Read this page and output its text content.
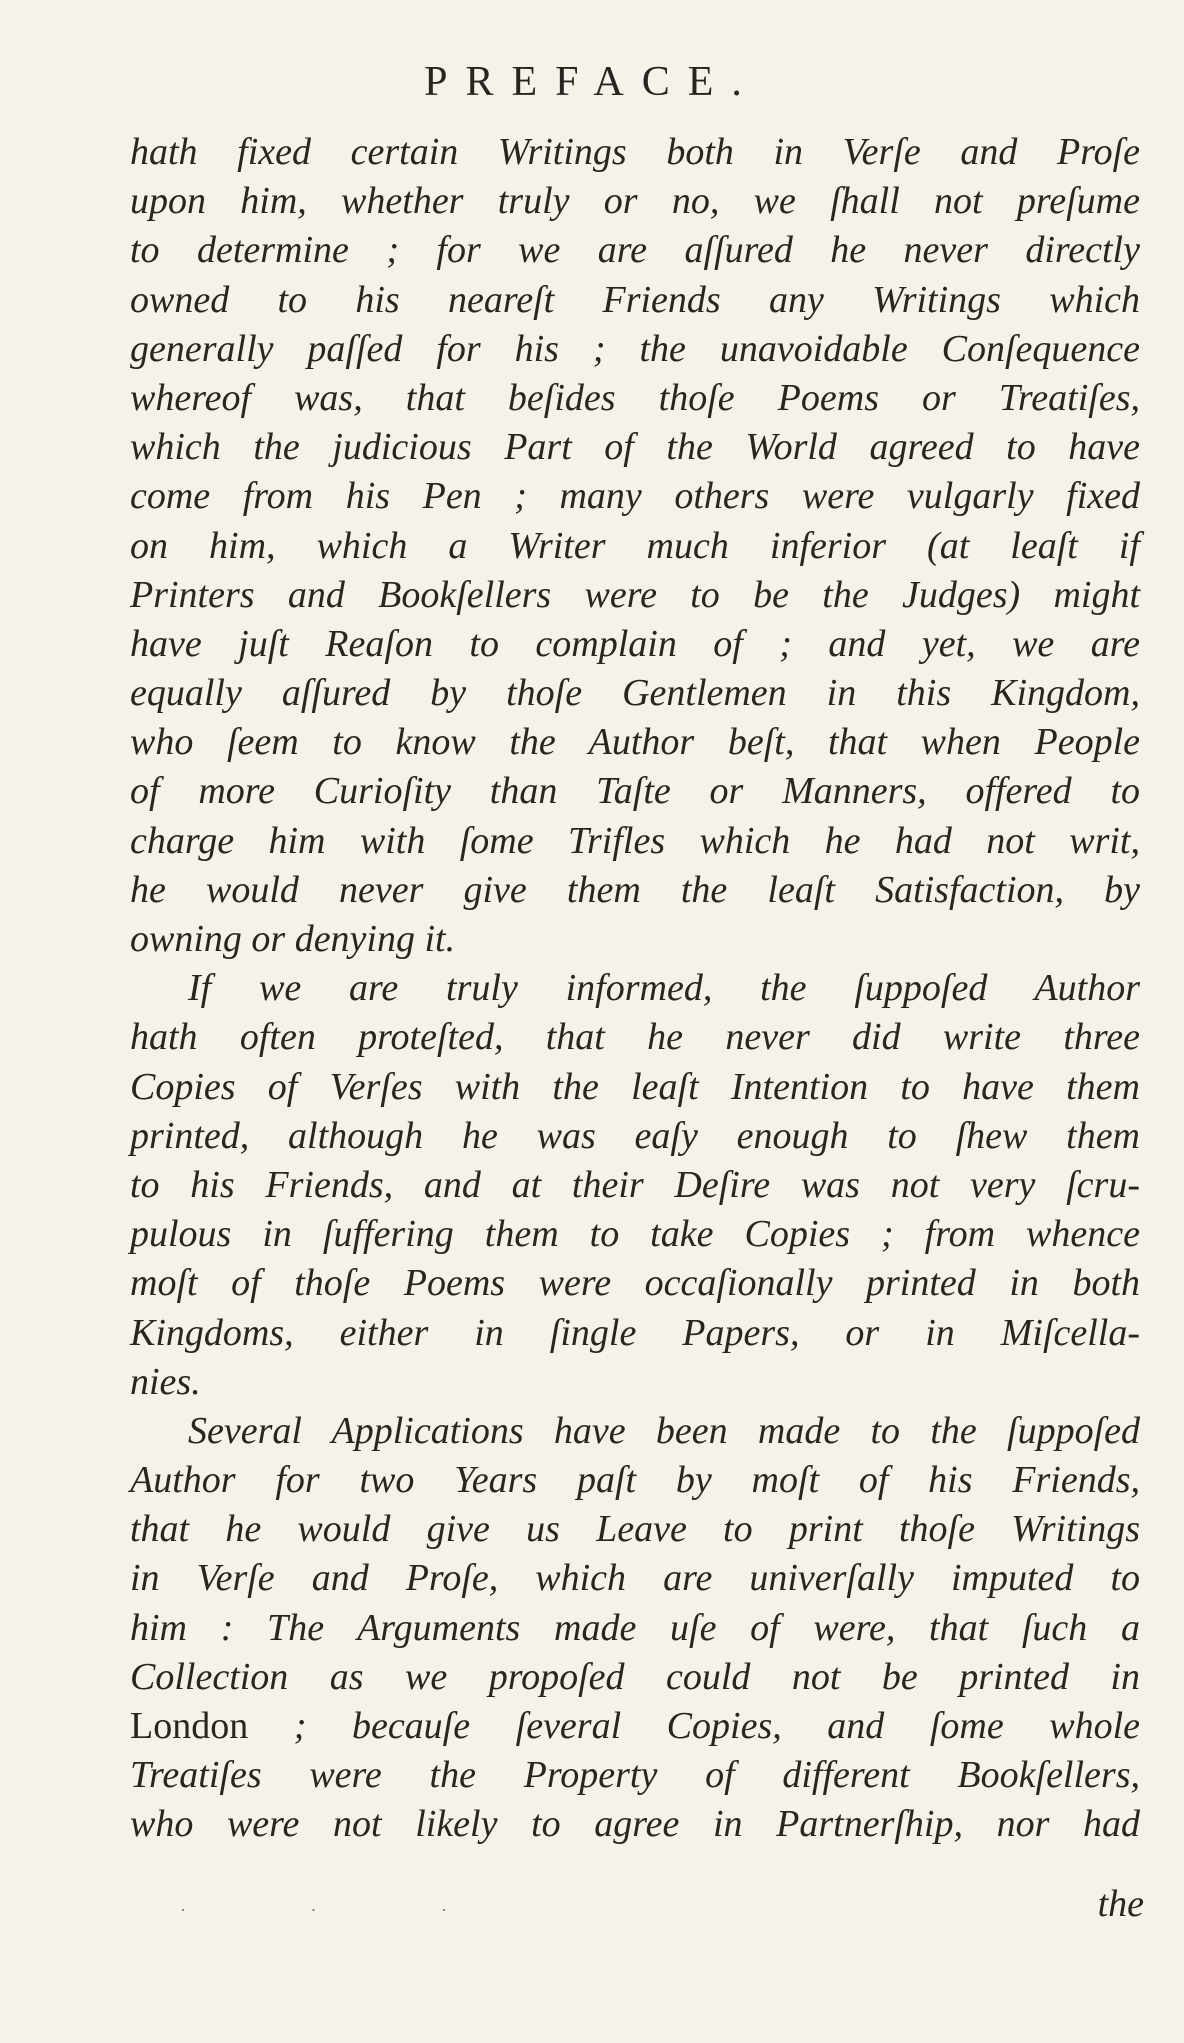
PREFACE.
hath fixed certain Writings both in Verſe and Proſe
upon him, whether truly or no, we ſhall not preſume
to determine ; for we are aſſured he never directly
owned to his neareſt Friends any Writings which
generally paſſed for his ; the unavoidable Conſequence
whereof was, that beſides thoſe Poems or Treatiſes,
which the judicious Part of the World agreed to have
come from his Pen ; many others were vulgarly fixed
on him, which a Writer much inferior (at leaſt if
Printers and Bookſellers were to be the Judges) might
have juſt Reaſon to complain of ; and yet, we are
equally aſſured by thoſe Gentlemen in this Kingdom,
who ſeem to know the Author beſt, that when People
of more Curioſity than Taſte or Manners, offered to
charge him with ſome Trifles which he had not writ,
he would never give them the leaſt Satisfaction, by
owning or denying it.
If we are truly informed, the ſuppoſed Author
hath often proteſted, that he never did write three
Copies of Verſes with the leaſt Intention to have them
printed, although he was eaſy enough to ſhew them
to his Friends, and at their Deſire was not very ſcru-
pulous in ſuffering them to take Copies ; from whence
moſt of thoſe Poems were occaſionally printed in both
Kingdoms, either in ſingle Papers, or in Miſcella-
nies.
Several Applications have been made to the ſuppoſed
Author for two Years paſt by moſt of his Friends,
that he would give us Leave to print thoſe Writings
in Verſe and Proſe, which are univerſally imputed to
him : The Arguments made uſe of were, that ſuch a
Collection as we propoſed could not be printed in
London ; becauſe ſeveral Copies, and ſome whole
Treatiſes were the Property of different Bookſellers,
who were not likely to agree in Partnerſhip, nor had
· · ·	the
